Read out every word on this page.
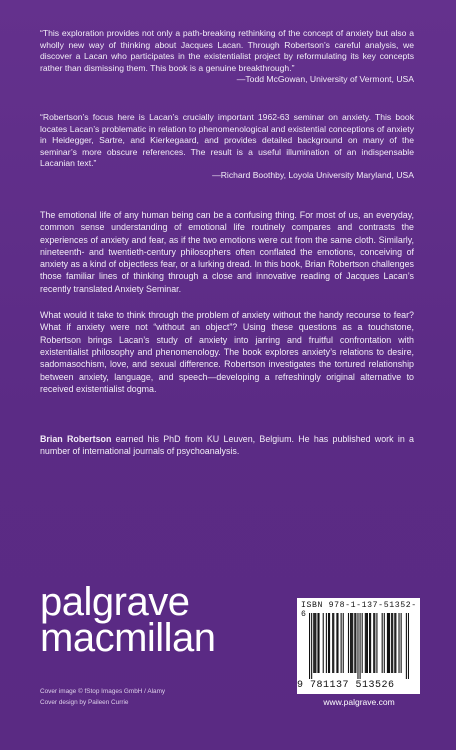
“This exploration provides not only a path-breaking rethinking of the concept of anxiety but also a wholly new way of thinking about Jacques Lacan. Through Robertson’s careful analysis, we discover a Lacan who participates in the existentialist project by reformulating its key concepts rather than dismissing them. This book is a genuine breakthrough.”

—Todd McGowan, University of Vermont, USA

“Robertson’s focus here is Lacan’s crucially important 1962-63 seminar on anxiety. This book locates Lacan’s problematic in relation to phenomenological and existential conceptions of anxiety in Heidegger, Sartre, and Kierkegaard, and provides detailed background on many of the seminar’s more obscure references. The result is a useful illumination of an indispensable Lacanian text.”

—Richard Boothby, Loyola University Maryland, USA

The emotional life of any human being can be a confusing thing. For most of us, an everyday, common sense understanding of emotional life routinely compares and contrasts the experiences of anxiety and fear, as if the two emotions were cut from the same cloth. Similarly, nineteenth- and twentieth-century philosophers often conflated the emotions, conceiving of anxiety as a kind of objectless fear, or a lurking dread. In this book, Brian Robertson challenges those familiar lines of thinking through a close and innovative reading of Jacques Lacan’s recently translated Anxiety Seminar.

What would it take to think through the problem of anxiety without the handy recourse to fear? What if anxiety were not “without an object”? Using these questions as a touchstone, Robertson brings Lacan’s study of anxiety into jarring and fruitful confrontation with existentialist philosophy and phenomenology. The book explores anxiety’s relations to desire, sadomasochism, love, and sexual difference. Robertson investigates the tortured relationship between anxiety, language, and speech—developing a refreshingly original alternative to received existentialist dogma.

Brian Robertson earned his PhD from KU Leuven, Belgium. He has published work in a number of international journals of psychoanalysis.
palgrave
macmillan
Cover image © fStop Images GmbH / Alamy
Cover design by Paileen Currie
ISBN 978-1-137-51352-6
9 781137 513526
www.palgrave.com
